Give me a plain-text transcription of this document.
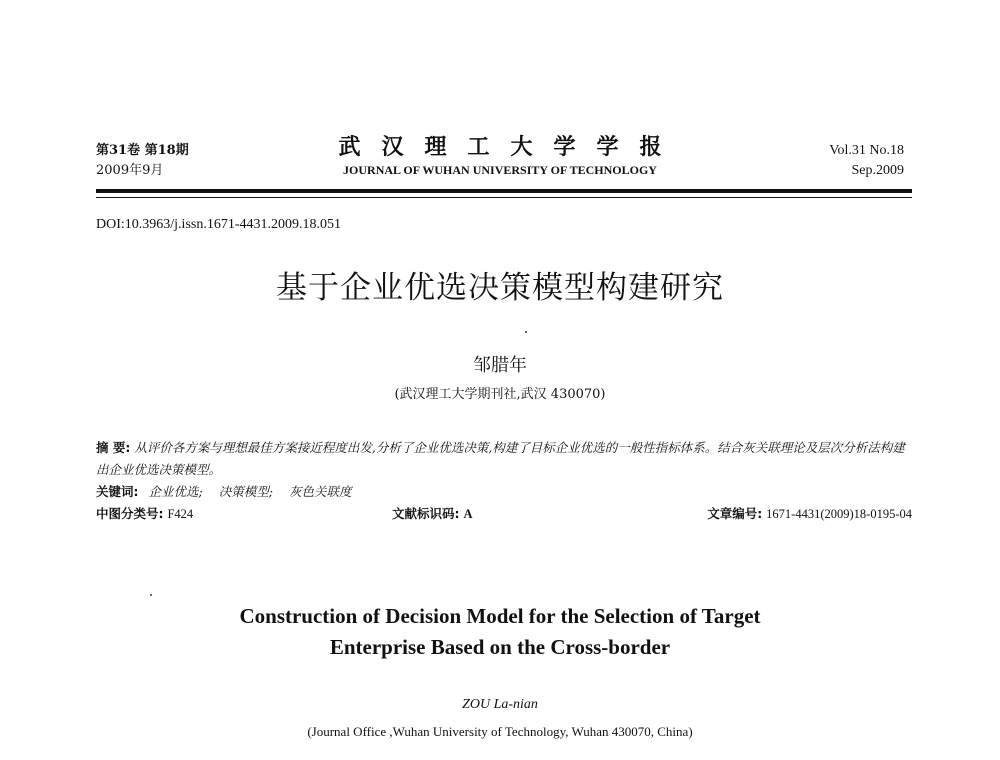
第31卷 第18期
2009年9月
武汉理工大学学报
JOURNAL OF WUHAN UNIVERSITY OF TECHNOLOGY
Vol.31 No.18
Sep.2009
DOI:10.3963/j.issn.1671-4431.2009.18.051
基于企业优选决策模型构建研究
邹腊年
(武汉理工大学期刊社,武汉 430070)
摘 要: 从评价各方案与理想最佳方案接近程度出发,分析了企业优选决策,构建了目标企业优选的一般性指标体系。结合灰关联理论及层次分析法构建出企业优选决策模型。
关键词: 企业优选; 决策模型; 灰色关联度
中图分类号: F424	文献标识码: A	文章编号: 1671-4431(2009)18-0195-04
Construction of Decision Model for the Selection of Target
Enterprise Based on the Cross-border
ZOU La-nian
(Journal Office ,Wuhan University of Technology, Wuhan 430070, China)
